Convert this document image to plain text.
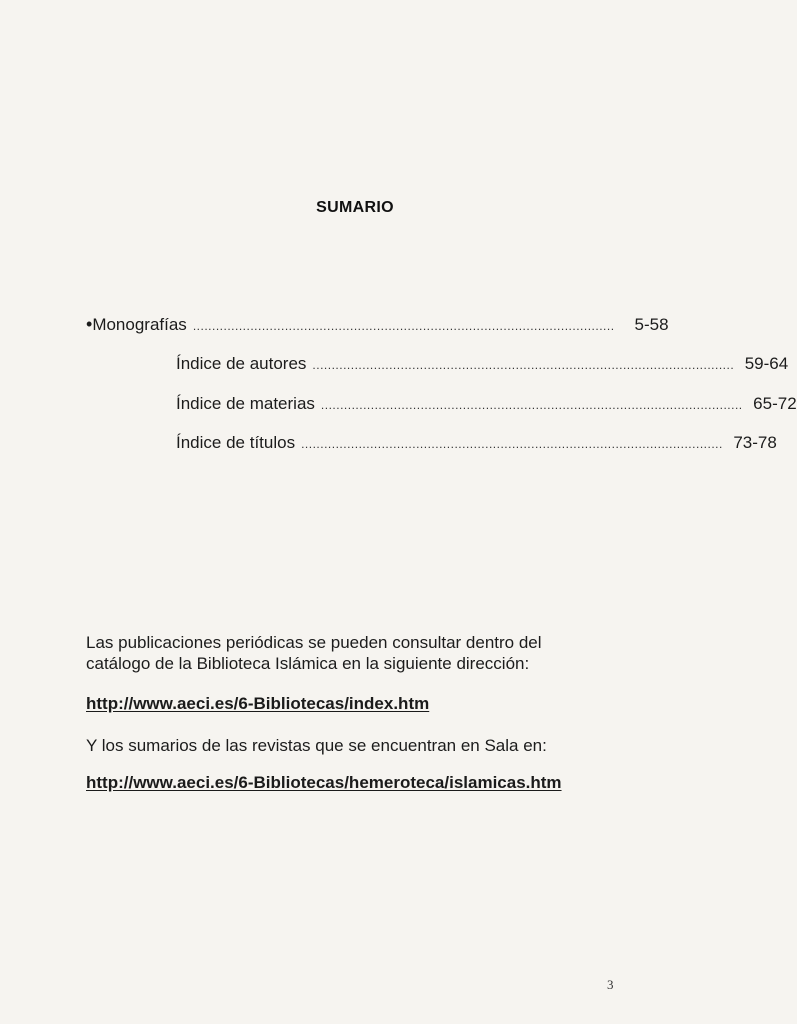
SUMARIO
• Monografías ..............................................................................................................	5-58
Índice de autores .............................................................................................................. 59-64
Índice de materias .............................................................................................................. 65-72
Índice de títulos .............................................................................................................. 73-78
Las publicaciones periódicas se pueden consultar dentro del
catálogo de la Biblioteca Islámica en la siguiente dirección:
http://www.aeci.es/6-Bibliotecas/index.htm
Y los sumarios de las revistas que se encuentran en Sala en:
http://www.aeci.es/6-Bibliotecas/hemeroteca/islamicas.htm
3
